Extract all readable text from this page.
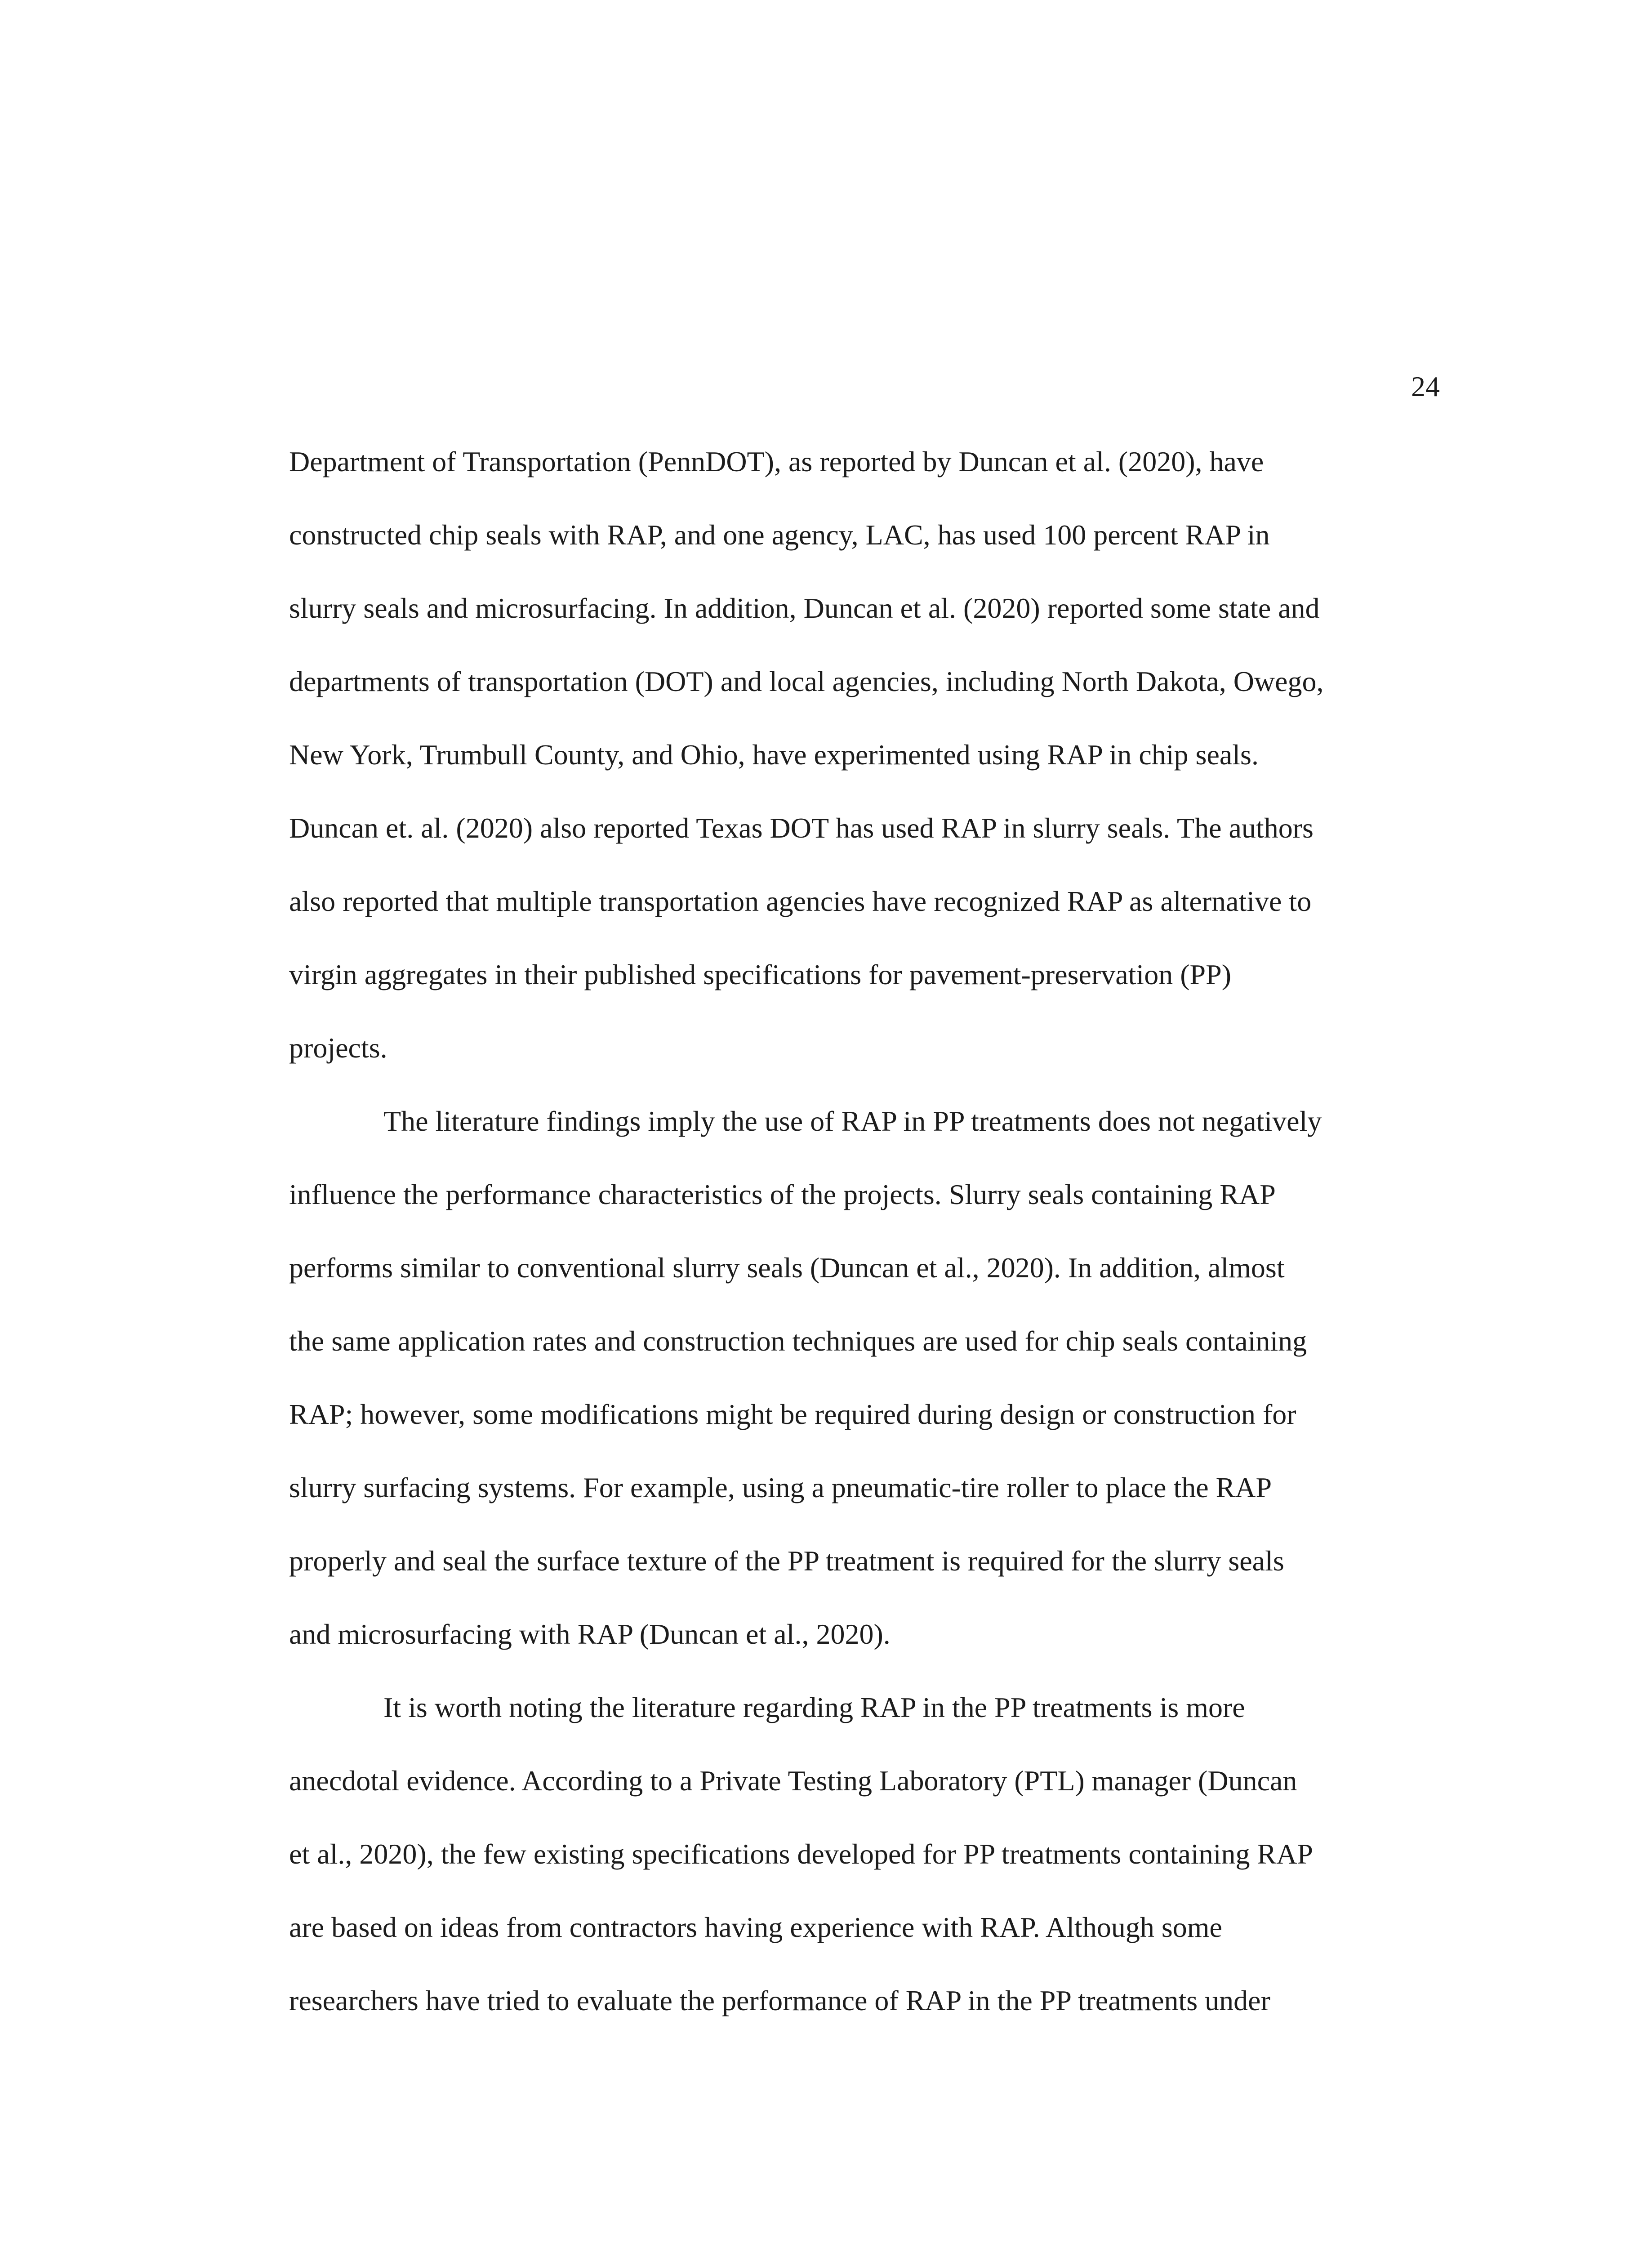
24
Department of Transportation (PennDOT), as reported by Duncan et al. (2020), have
constructed chip seals with RAP, and one agency, LAC, has used 100 percent RAP in
slurry seals and microsurfacing. In addition, Duncan et al. (2020) reported some state and
departments of transportation (DOT) and local agencies, including North Dakota, Owego,
New York, Trumbull County, and Ohio, have experimented using RAP in chip seals.
Duncan et. al. (2020) also reported Texas DOT has used RAP in slurry seals. The authors
also reported that multiple transportation agencies have recognized RAP as alternative to
virgin aggregates in their published specifications for pavement-preservation (PP)
projects.
The literature findings imply the use of RAP in PP treatments does not negatively
influence the performance characteristics of the projects. Slurry seals containing RAP
performs similar to conventional slurry seals (Duncan et al., 2020). In addition, almost
the same application rates and construction techniques are used for chip seals containing
RAP; however, some modifications might be required during design or construction for
slurry surfacing systems. For example, using a pneumatic-tire roller to place the RAP
properly and seal the surface texture of the PP treatment is required for the slurry seals
and microsurfacing with RAP (Duncan et al., 2020).
It is worth noting the literature regarding RAP in the PP treatments is more
anecdotal evidence. According to a Private Testing Laboratory (PTL) manager (Duncan
et al., 2020), the few existing specifications developed for PP treatments containing RAP
are based on ideas from contractors having experience with RAP. Although some
researchers have tried to evaluate the performance of RAP in the PP treatments under
